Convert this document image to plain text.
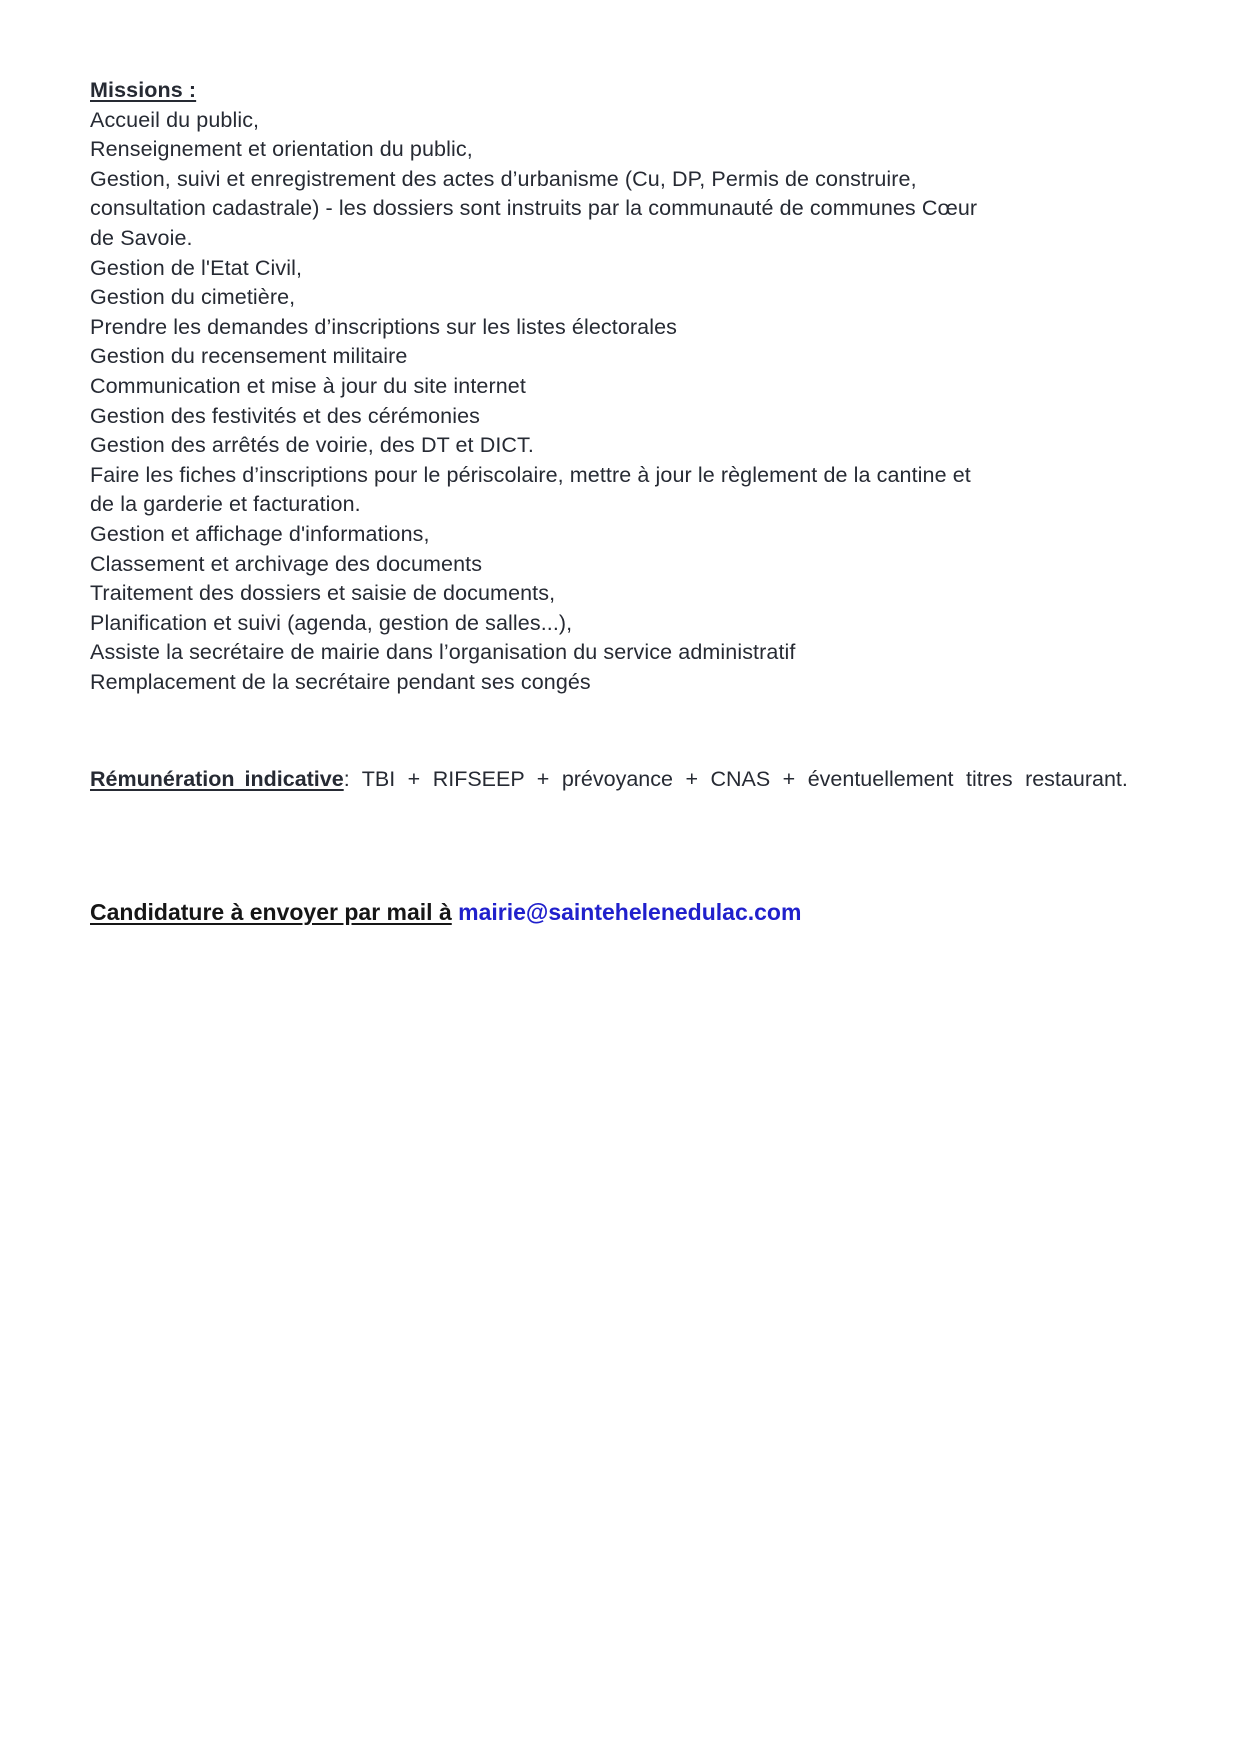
Missions :
Accueil du public,
Renseignement et orientation du public,
Gestion, suivi et enregistrement des actes d’urbanisme (Cu, DP, Permis de construire, consultation cadastrale) - les dossiers sont instruits par la communauté de communes Cœur de Savoie.
Gestion de l'Etat Civil,
Gestion du cimetière,
Prendre les demandes d’inscriptions sur les listes électorales
Gestion du recensement militaire
Communication et mise à jour du site internet
Gestion des festivités et des cérémonies
Gestion des arrêtés de voirie, des DT et DICT.
Faire les fiches d’inscriptions pour le périscolaire, mettre à jour le règlement de la cantine et de la garderie et facturation.
Gestion et affichage d'informations,
Classement et archivage des documents
Traitement des dossiers et saisie de documents,
Planification et suivi (agenda, gestion de salles...),
Assiste la secrétaire de mairie dans l’organisation du service administratif
Remplacement de la secrétaire pendant ses congés

Rémunération indicative: TBI + RIFSEEP + prévoyance + CNAS + éventuellement titres restaurant.

Candidature à envoyer par mail à mairie@saintehelenedulac.com
